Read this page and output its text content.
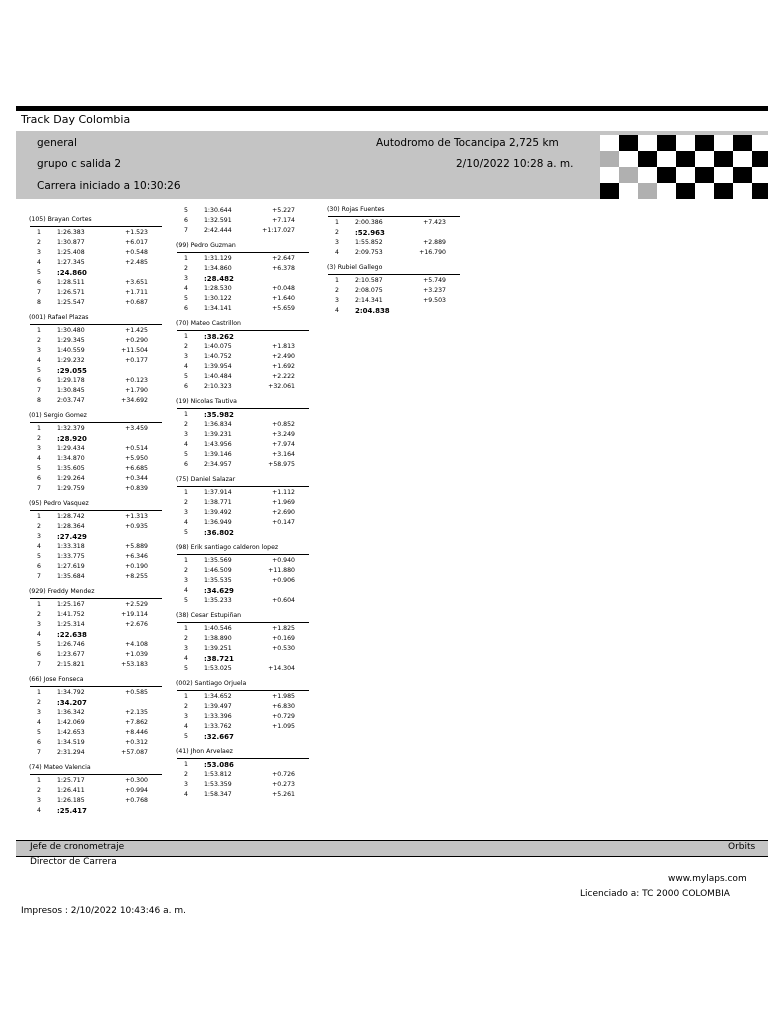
Track Day Colombia
general
grupo c salida 2
Carrera iniciado a 10:30:26
Autodromo de Tocancipa 2,725 km
2/10/2022 10:28 a. m.
(105) Brayan Cortes
1	1:26.383	+1.523
2	1:30.877	+6.017
3	1:25.408	+0.548
4	1:27.345	+2.485
5 :24.860
6	1:28.511	+3.651
7	1:26.571	+1.711
8	1:25.547	+0.687
(001) Rafael Plazas
1	1:30.480	+1.425
2	1:29.345	+0.290
3	1:40.559	+11.504
4	1:29.232	+0.177
5 :29.055
6	1:29.178	+0.123
7	1:30.845	+1.790
8	2:03.747	+34.692
(01) Sergio Gomez
1	1:32.379	+3.459
2 :28.920
3	1:29.434	+0.514
4	1:34.870	+5.950
5	1:35.605	+6.685
6	1:29.264	+0.344
7	1:29.759	+0.839
(95) Pedro Vasquez
1	1:28.742	+1.313
2	1:28.364	+0.935
3 :27.429
4	1:33.318	+5.889
5	1:33.775	+6.346
6	1:27.619	+0.190
7	1:35.684	+8.255
(929) Freddy Mendez
1	1:25.167	+2.529
2	1:41.752	+19.114
3	1:25.314	+2.676
4 :22.638
5	1:26.746	+4.108
6	1:23.677	+1.039
7	2:15.821	+53.183
(66) Jose Fonseca
1	1:34.792	+0.585
2 :34.207
3	1:36.342	+2.135
4	1:42.069	+7.862
5	1:42.653	+8.446
6	1:34.519	+0.312
7	2:31.294	+57.087
(74) Mateo Valencia
1	1:25.717	+0.300
2	1:26.411	+0.994
3	1:26.185	+0.768
4 :25.417
5	1:30.644	+5.227
6	1:32.591	+7.174
7	2:42.444	+1:17.027
(99) Pedro Guzman
1	1:31.129	+2.647
2	1:34.860	+6.378
3 :28.482
4	1:28.530	+0.048
5	1:30.122	+1.640
6	1:34.141	+5.659
(70) Mateo Castrillon
1 :38.262
2	1:40.075	+1.813
3	1:40.752	+2.490
4	1:39.954	+1.692
5	1:40.484	+2.222
6	2:10.323	+32.061
(19) Nicolas Tautiva
1 :35.982
2	1:36.834	+0.852
3	1:39.231	+3.249
4	1:43.956	+7.974
5	1:39.146	+3.164
6	2:34.957	+58.975
(75) Daniel Salazar
1	1:37.914	+1.112
2	1:38.771	+1.969
3	1:39.492	+2.690
4	1:36.949	+0.147
5 :36.802
(98) Erik santiago calderon lopez
1	1:35.569	+0.940
2	1:46.509	+11.880
3	1:35.535	+0.906
4 :34.629
5	1:35.233	+0.604
(38) Cesar Estupiñan
1	1:40.546	+1.825
2	1:38.890	+0.169
3	1:39.251	+0.530
4 :38.721
5	1:53.025	+14.304
(002) Santiago Orjuela
1	1:34.652	+1.985
2	1:39.497	+6.830
3	1:33.396	+0.729
4	1:33.762	+1.095
5 :32.667
(41) Jhon Arvelaez
1 :53.086
2	1:53.812	+0.726
3	1:53.359	+0.273
4	1:58.347	+5.261
(30) Rojas Fuentes
1	2:00.386	+7.423
2 :52.963
3	1:55.852	+2.889
4	2:09.753	+16.790
(3) Rubiel Gallego
1	2:10.587	+5.749
2	2:08.075	+3.237
3	2:14.341	+9.503
4 2:04.838
Jefe de cronometraje	Orbits
Director de Carrera
www.mylaps.com
Licenciado a: TC 2000 COLOMBIA
Impresos : 2/10/2022 10:43:46 a. m.
